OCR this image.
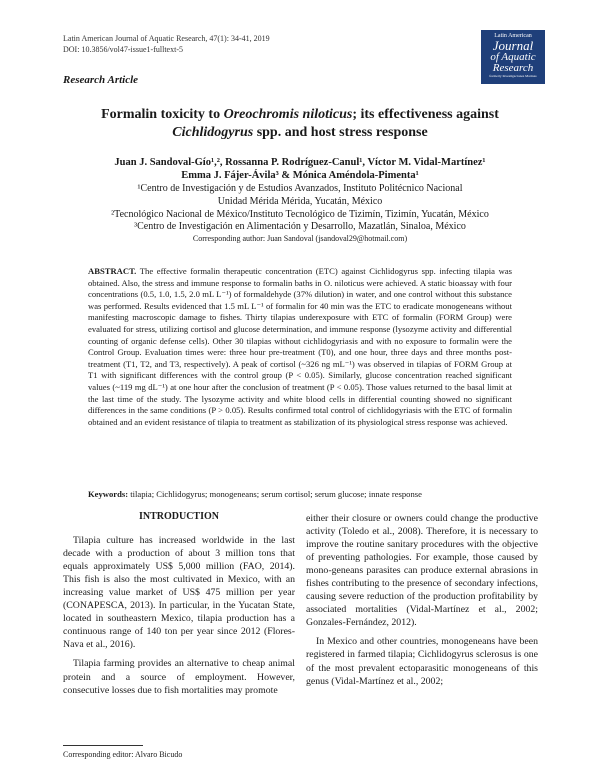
Latin American Journal of Aquatic Research, 47(1): 34-41, 2019
DOI: 10.3856/vol47-issue1-fulltext-5
Latin American
Journal
of Aquatic
Research
formerly Investigaciones Marinas
Research Article
Formalin toxicity to Oreochromis niloticus; its effectiveness against Cichlidogyrus spp. and host stress response
Juan J. Sandoval-Gío¹,², Rossanna P. Rodríguez-Canul¹, Víctor M. Vidal-Martínez¹
Emma J. Fájer-Ávila³ & Mónica Améndola-Pimenta¹
¹Centro de Investigación y de Estudios Avanzados, Instituto Politécnico Nacional
Unidad Mérida Mérida, Yucatán, México
²Tecnológico Nacional de México/Instituto Tecnológico de Tizimín, Tizimín, Yucatán, México
³Centro de Investigación en Alimentación y Desarrollo, Mazatlán, Sinaloa, México
Corresponding author: Juan Sandoval (jsandoval29@hotmail.com)
ABSTRACT. The effective formalin therapeutic concentration (ETC) against Cichlidogyrus spp. infecting tilapia was obtained. Also, the stress and immune response to formalin baths in O. niloticus were achieved. A static bioassay with four concentrations (0.5, 1.0, 1.5, 2.0 mL L⁻¹) of formaldehyde (37% dilution) in water, and one control without this substance was performed. Results evidenced that 1.5 mL L⁻¹ of formalin for 40 min was the ETC to eradicate monogeneans without manifesting macroscopic damage to fishes. Thirty tilapias underexposure with ETC of formalin (FORM Group) were evaluated for stress, utilizing cortisol and glucose determination, and immune response (lysozyme activity and differential counting of organic defense cells). Other 30 tilapias without cichlidogyriasis and with no exposure to formalin were the Control Group. Evaluation times were: three hour pre-treatment (T0), and one hour, three days and three months post-treatment (T1, T2, and T3, respectively). A peak of cortisol (~326 ng mL⁻¹) was observed in tilapias of FORM Group at T1 with significant differences with the control group (P < 0.05). Similarly, glucose concentration reached significant values (~119 mg dL⁻¹) at one hour after the conclusion of treatment (P < 0.05). Those values returned to the basal limit at the last time of the study. The lysozyme activity and white blood cells in differential counting showed no significant differences in the same conditions (P > 0.05). Results confirmed total control of cichlidogyriasis with the ETC of formalin obtained and an evident resistance of tilapia to treatment as stabilization of its physiological stress response was achieved.
Keywords: tilapia; Cichlidogyrus; monogeneans; serum cortisol; serum glucose; innate response
INTRODUCTION

Tilapia culture has increased worldwide in the last decade with a production of about 3 million tons that equals approximately US$ 5,000 million (FAO, 2014). This fish is also the most cultivated in Mexico, with an increasing value market of US$ 475 million per year (CONAPESCA, 2013). In particular, in the Yucatan State, located in southeastern Mexico, tilapia production has a continuous range of 140 ton per year since 2012 (Flores-Nava et al., 2016).

Tilapia farming provides an alternative to cheap animal protein and a source of employment. However, consecutive losses due to fish mortalities may promote

either their closure or owners could change the productive activity (Toledo et al., 2008). Therefore, it is necessary to improve the routine sanitary procedures with the objective of preventing pathologies. For example, those caused by mono-geneans parasites can produce external abrasions in fishes contributing to the presence of secondary infections, causing severe reduction of the production profitability by associated mortalities (Vidal-Martínez et al., 2002; Gonzales-Fernández, 2012).

In Mexico and other countries, monogeneans have been registered in farmed tilapia; Cichlidogyrus sclerosus is one of the most prevalent ectoparasitic monogeneans of this genus (Vidal-Martínez et al., 2002;

Corresponding editor: Alvaro Bicudo
